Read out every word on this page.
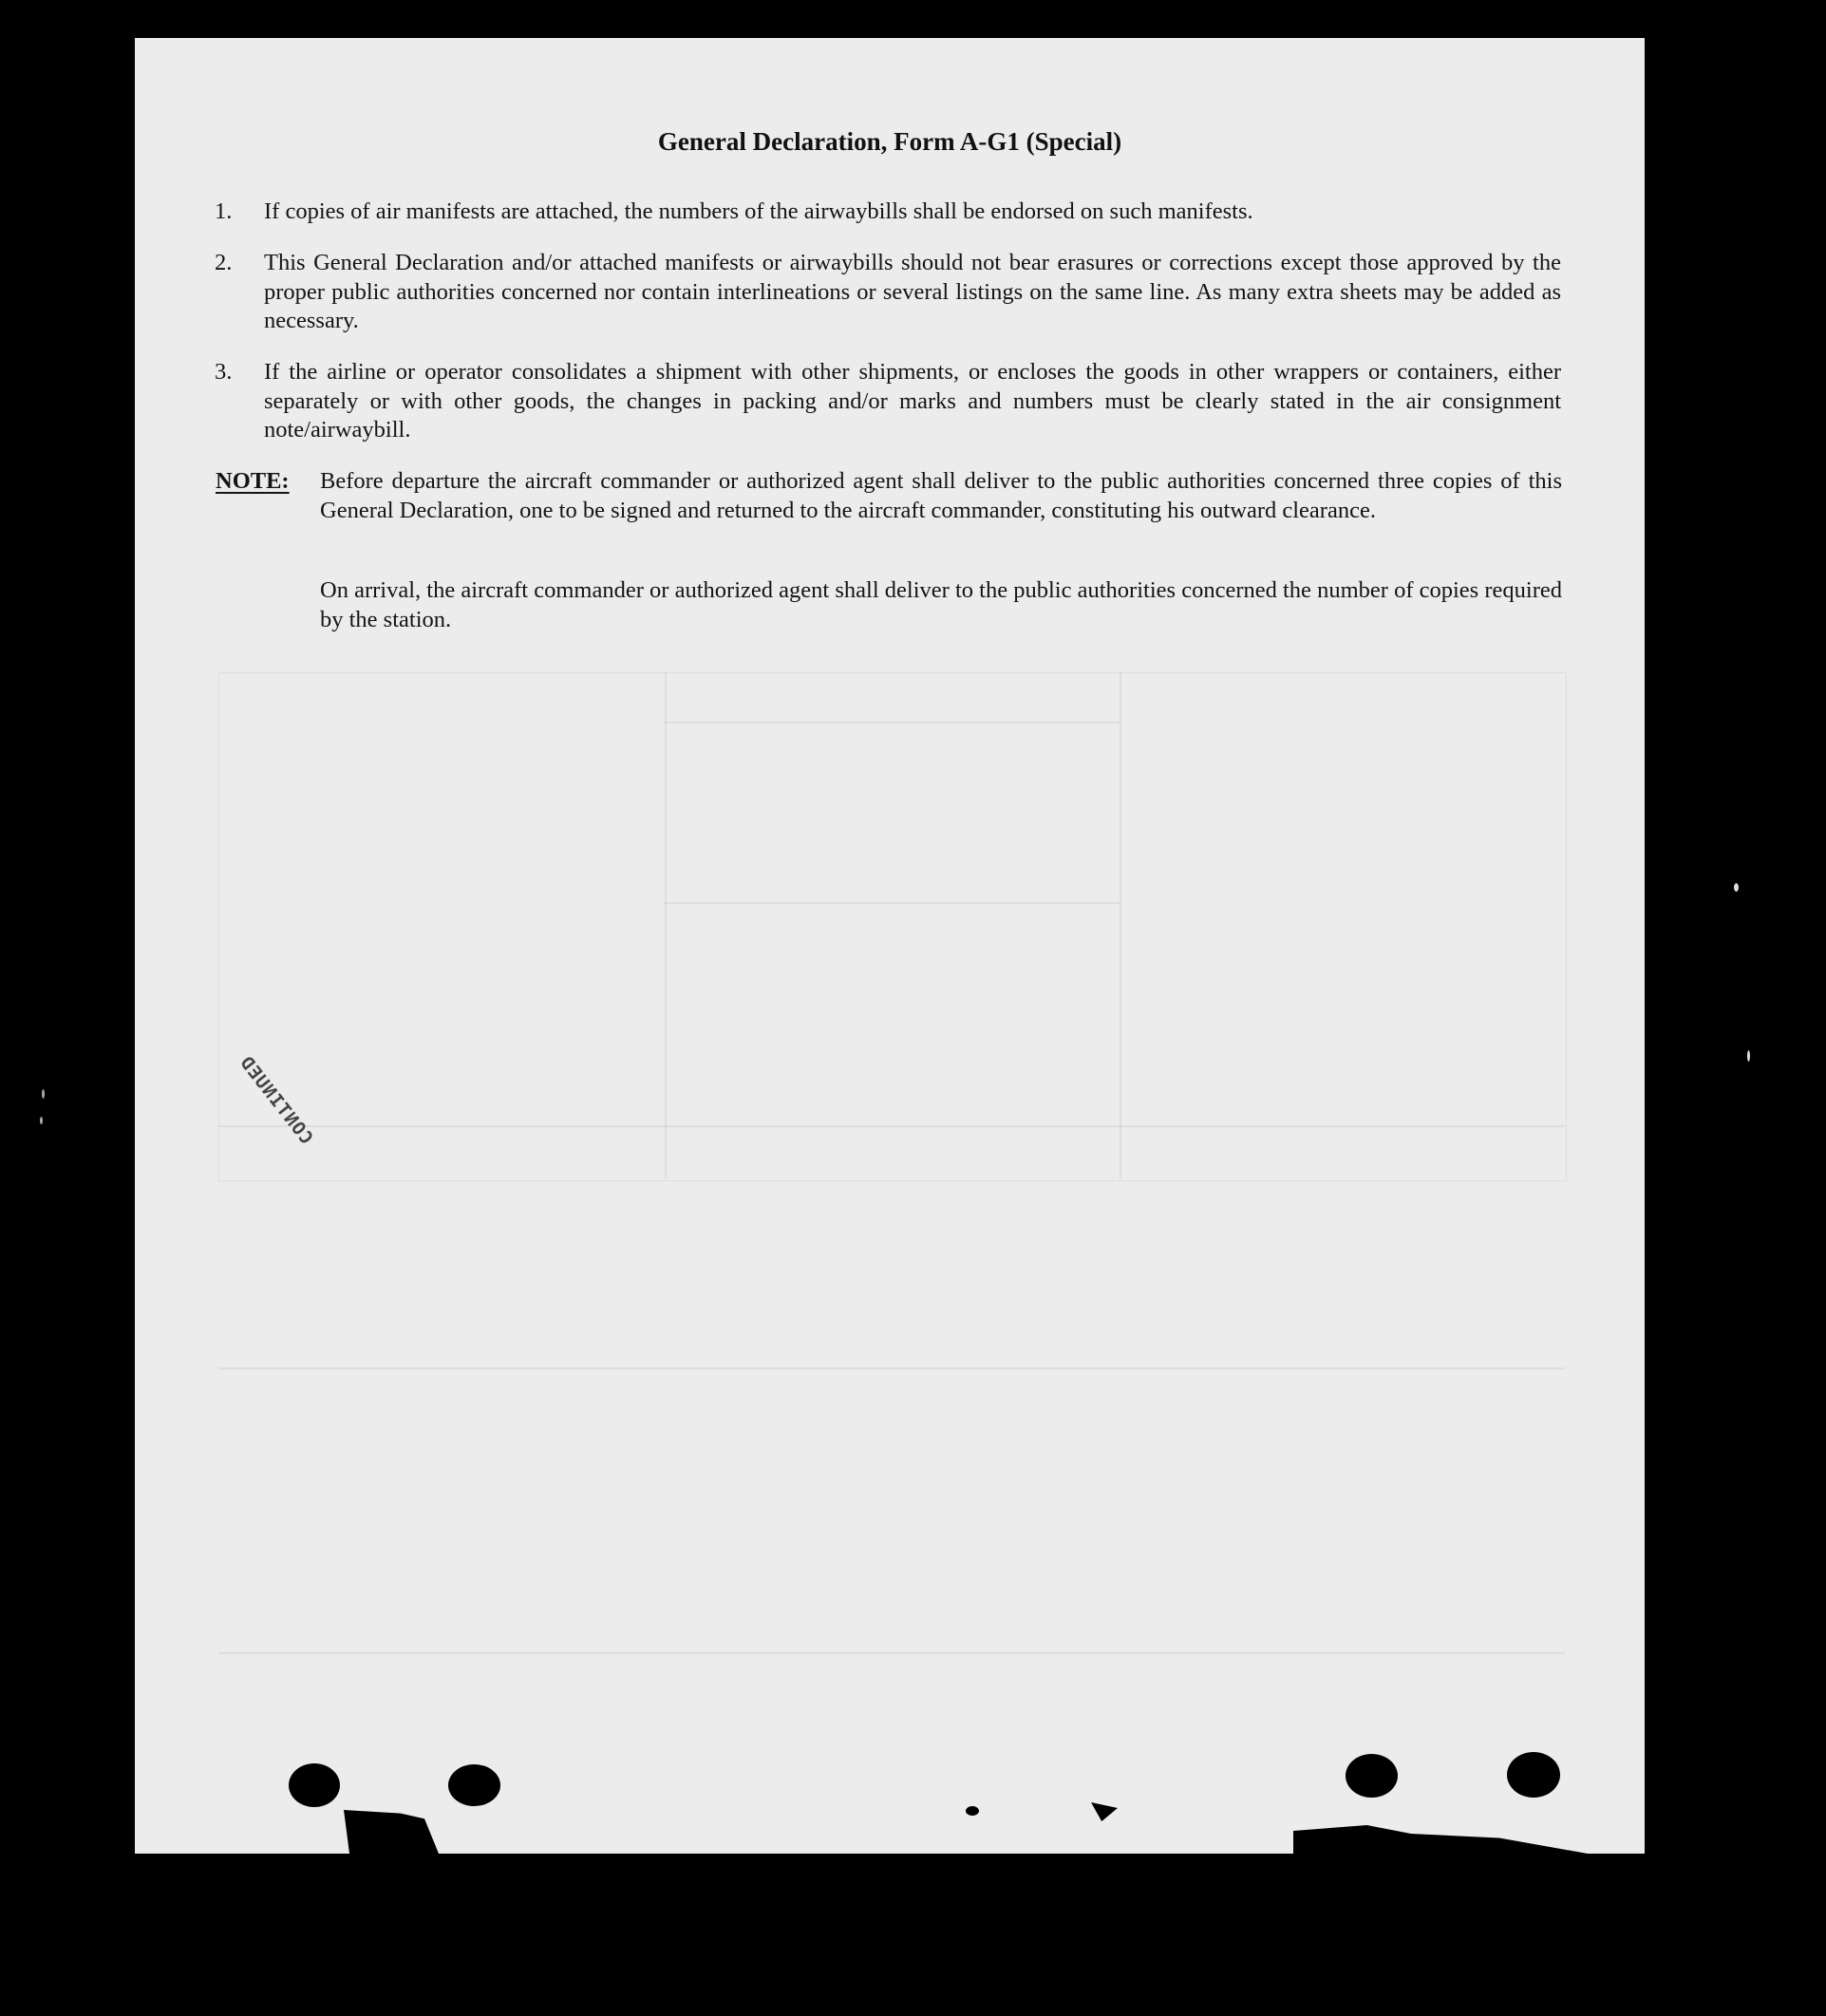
General Declaration, Form A-G1 (Special)
1.	If copies of air manifests are attached, the numbers of the airwaybills shall be endorsed on such manifests.
2.	This General Declaration and/or attached manifests or airwaybills should not bear erasures or corrections except those approved by the proper public authorities concerned nor contain interlineations or several listings on the same line. As many extra sheets may be added as necessary.
3.	If the airline or operator consolidates a shipment with other shipments, or encloses the goods in other wrappers or containers, either separately or with other goods, the changes in packing and/or marks and numbers must be clearly stated in the air consignment note/airwaybill.
NOTE:	Before departure the aircraft commander or authorized agent shall deliver to the public authorities concerned three copies of this General Declaration, one to be signed and returned to the aircraft commander, constituting his outward clearance.
On arrival, the aircraft commander or authorized agent shall deliver to the public authorities concerned the number of copies required by the station.
CONTINUED
